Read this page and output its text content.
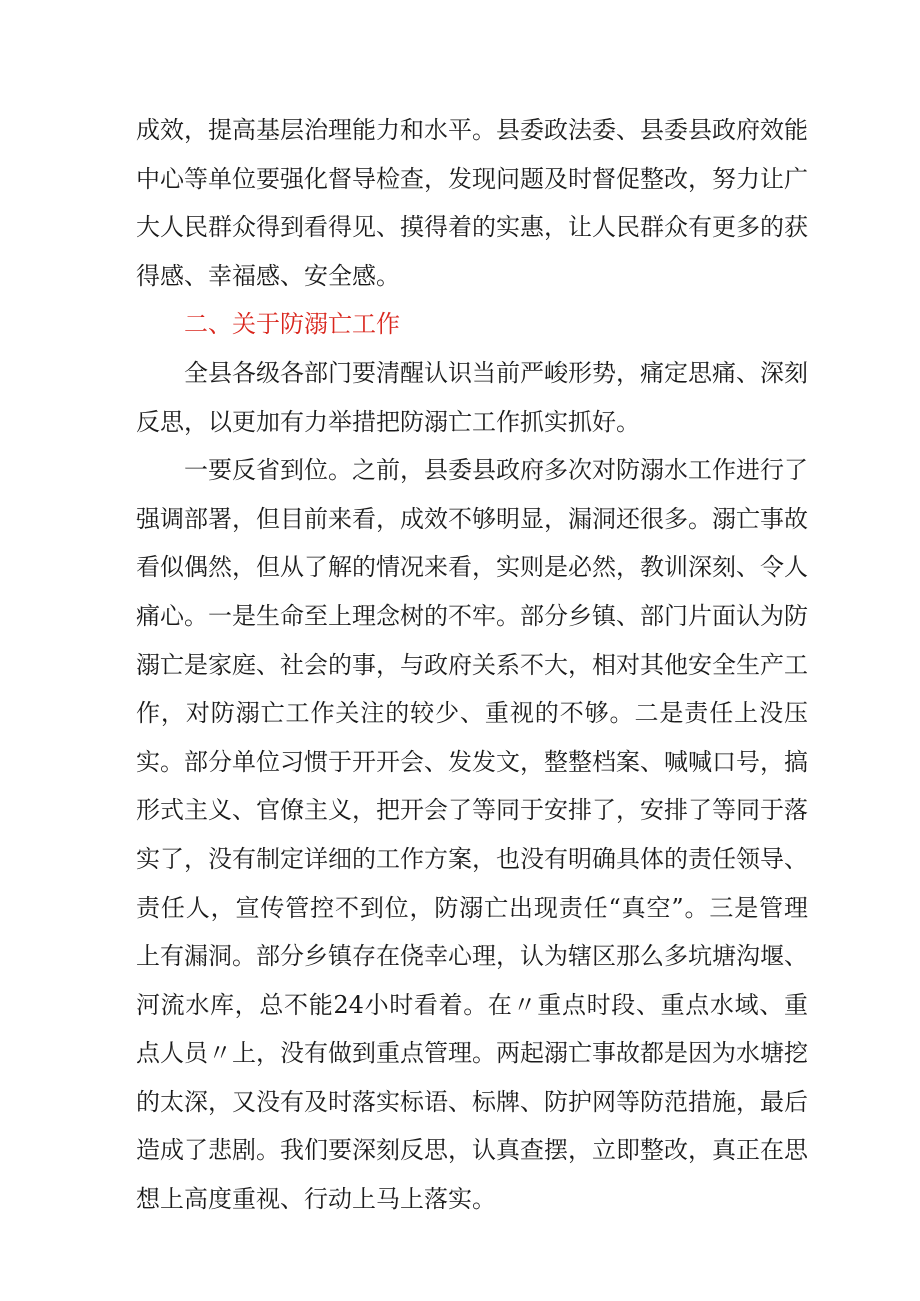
成效，提高基层治理能力和水平。县委政法委、县委县政府效能中心等单位要强化督导检查，发现问题及时督促整改，努力让广大人民群众得到看得见、摸得着的实惠，让人民群众有更多的获得感、幸福感、安全感。

二、关于防溺亡工作

全县各级各部门要清醒认识当前严峻形势，痛定思痛、深刻反思，以更加有力举措把防溺亡工作抓实抓好。

一要反省到位。之前，县委县政府多次对防溺水工作进行了强调部署，但目前来看，成效不够明显，漏洞还很多。溺亡事故看似偶然，但从了解的情况来看，实则是必然，教训深刻、令人痛心。一是生命至上理念树的不牢。部分乡镇、部门片面认为防溺亡是家庭、社会的事，与政府关系不大，相对其他安全生产工作，对防溺亡工作关注的较少、重视的不够。二是责任上没压实。部分单位习惯于开开会、发发文，整整档案、喊喊口号，搞形式主义、官僚主义，把开会了等同于安排了，安排了等同于落实了，没有制定详细的工作方案，也没有明确具体的责任领导、责任人，宣传管控不到位，防溺亡出现责任“真空”。三是管理上有漏洞。部分乡镇存在侥幸心理，认为辖区那么多坑塘沟堰、河流水库，总不能24小时看着。在〃重点时段、重点水域、重点人员〃上，没有做到重点管理。两起溺亡事故都是因为水塘挖的太深，又没有及时落实标语、标牌、防护网等防范措施，最后造成了悲剧。我们要深刻反思，认真查摆，立即整改，真正在思想上高度重视、行动上马上落实。
